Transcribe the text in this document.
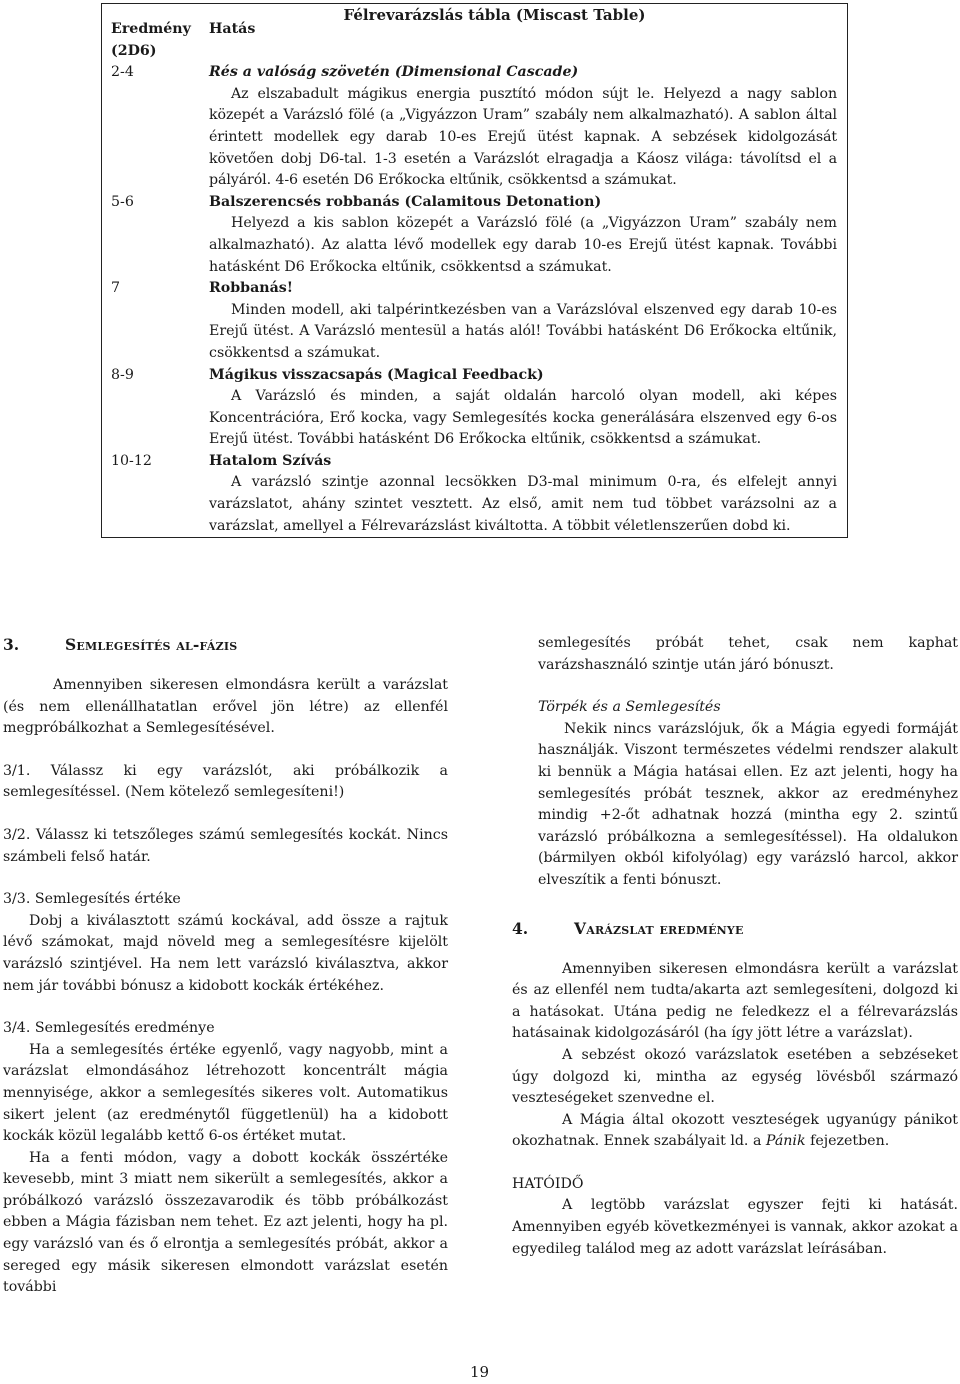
Félrevarázslás tábla (Miscast Table)
Eredmény (2D6)
Hatás
2-4	Rés a valóság szövetén (Dimensional Cascade)
Az elszabadult mágikus energia pusztító módon sújt le. Helyezd a nagy sablon közepét a Varázsló fölé (a „Vigyázzon Uram” szabály nem alkalmazható). A sablon által érintett modellek egy darab 10-es Erejű ütést kapnak. A sebzések kidolgozását követően dobj D6-tal. 1-3 esetén a Varázslót elragadja a Káosz világa: távolítsd el a pályáról. 4-6 esetén D6 Erőkocka eltűnik, csökkentsd a számukat.
5-6	Balszerencsés robbanás (Calamitous Detonation)
Helyezd a kis sablon közepét a Varázsló fölé (a „Vigyázzon Uram” szabály nem alkalmazható). Az alatta lévő modellek egy darab 10-es Erejű ütést kapnak. További hatásként D6 Erőkocka eltűnik, csökkentsd a számukat.
7	Robbanás!
Minden modell, aki talpérintkezésben van a Varázslóval elszenved egy darab 10-es Erejű ütést. A Varázsló mentesül a hatás alól! További hatásként D6 Erőkocka eltűnik, csökkentsd a számukat.
8-9	Mágikus visszacsapás (Magical Feedback)
A Varázsló és minden, a saját oldalán harcoló olyan modell, aki képes Koncentrációra, Erő kocka, vagy Semlegesítés kocka generálására elszenved egy 6-os Erejű ütést. További hatásként D6 Erőkocka eltűnik, csökkentsd a számukat.
10-12	Hatalom Szívás
A varázsló szintje azonnal lecsökken D3-mal minimum 0-ra, és elfelejt annyi varázslatot, ahány szintet vesztett. Az első, amit nem tud többet varázsolni az a varázslat, amellyel a Félrevarázslást kiváltotta. A többit véletlenszerűen dobd ki.
3.	Semlegesítés al-fázis

Amennyiben sikeresen elmondásra került a varázslat (és nem ellenállhatatlan erővel jön létre) az ellenfél megpróbálkozhat a Semlegesítésével.

3/1. Válassz ki egy varázslót, aki próbálkozik a semlegesítéssel. (Nem kötelező semlegesíteni!)

3/2. Válassz ki tetszőleges számú semlegesítés kockát. Nincs számbeli felső határ.

3/3. Semlegesítés értéke

Dobj a kiválasztott számú kockával, add össze a rajtuk lévő számokat, majd növeld meg a semlegesítésre kijelölt varázsló szintjével. Ha nem lett varázsló kiválasztva, akkor nem jár további bónusz a kidobott kockák értékéhez.

3/4. Semlegesítés eredménye

Ha a semlegesítés értéke egyenlő, vagy nagyobb, mint a varázslat elmondásához létrehozott koncentrált mágia mennyisége, akkor a semlegesítés sikeres volt. Automatikus sikert jelent (az eredménytől függetlenül) ha a kidobott kockák közül legalább kettő 6-os értéket mutat.

Ha a fenti módon, vagy a dobott kockák összértéke kevesebb, mint 3 miatt nem sikerült a semlegesítés, akkor a próbálkozó varázsló összezavarodik és több próbálkozást ebben a Mágia fázisban nem tehet. Ez azt jelenti, hogy ha pl. egy varázsló van és ő elrontja a semlegesítés próbát, akkor a sereged egy másik sikeresen elmondott varázslat esetén további

semlegesítés próbát tehet, csak nem kaphat varázshasználó szintje után járó bónuszt.

Törpék és a Semlegesítés

Nekik nincs varázslójuk, ők a Mágia egyedi formáját használják. Viszont természetes védelmi rendszer alakult ki bennük a Mágia hatásai ellen. Ez azt jelenti, hogy ha semlegesítés próbát tesznek, akkor az eredményhez mindig +2-őt adhatnak hozzá (mintha egy 2. szintű varázsló próbálkozna a semlegesítéssel). Ha oldalukon (bármilyen okból kifolyólag) egy varázsló harcol, akkor elveszítik a fenti bónuszt.

4.	Varázslat eredménye

Amennyiben sikeresen elmondásra került a varázslat és az ellenfél nem tudta/akarta azt semlegesíteni, dolgozd ki a hatásokat. Utána pedig ne feledkezz el a félrevarázslás hatásainak kidolgozásáról (ha így jött létre a varázslat).

A sebzést okozó varázslatok esetében a sebzéseket úgy dolgozd ki, mintha az egység lövésből származó veszteségeket szenvedne el.

A Mágia által okozott veszteségek ugyanúgy pánikot okozhatnak. Ennek szabályait ld. a Pánik fejezetben.

HATÓIDŐ

A legtöbb varázslat egyszer fejti ki hatását. Amennyiben egyéb következményei is vannak, akkor azokat a egyedileg találod meg az adott varázslat leírásában.

19
